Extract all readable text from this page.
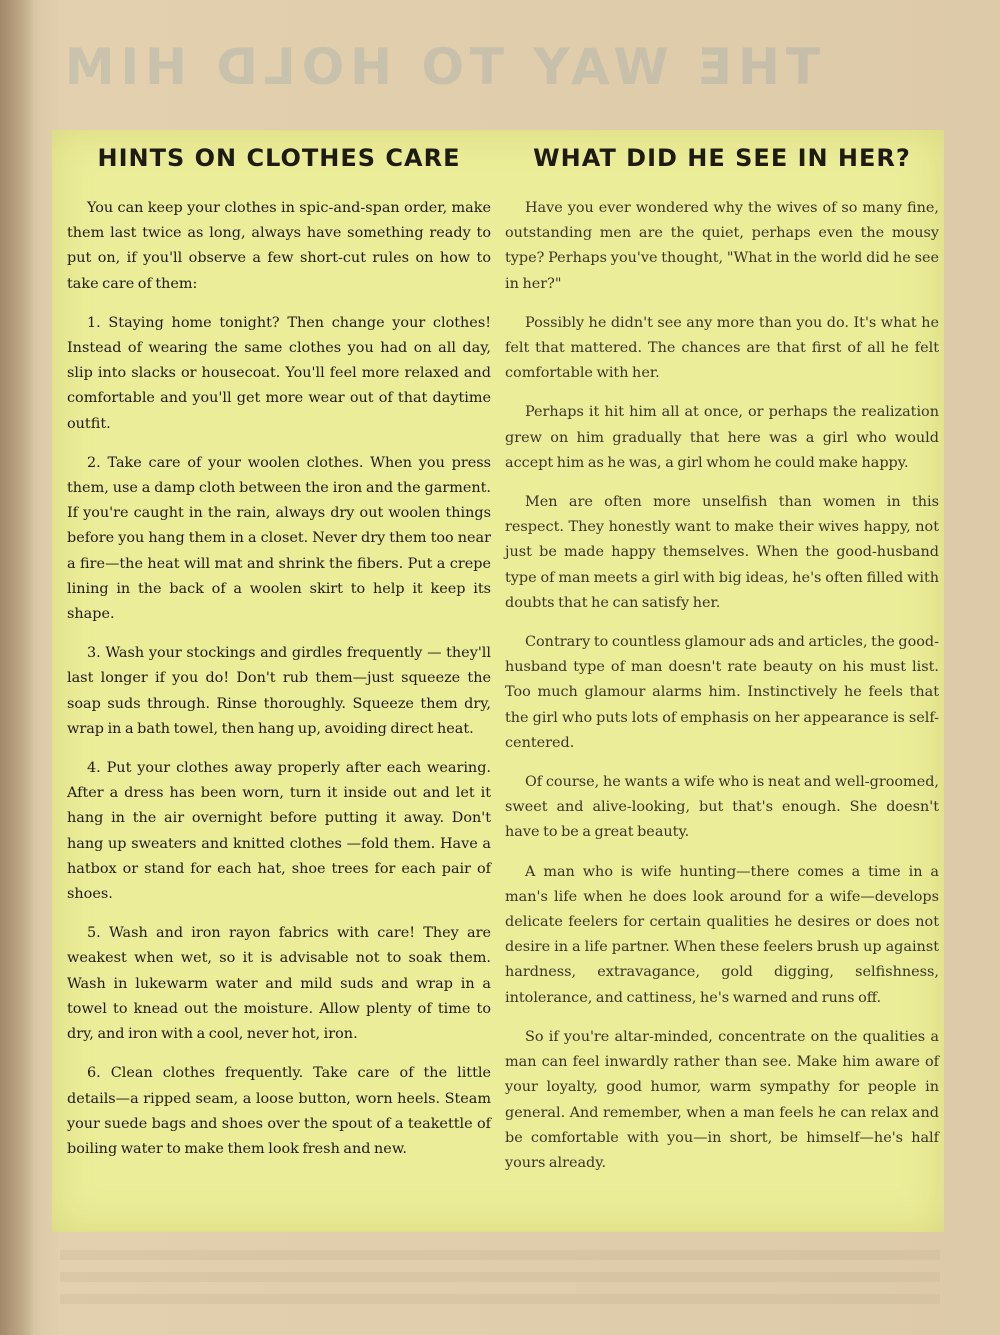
THE WAY TO HOLD HIM
HINTS ON CLOTHES CARE

You can keep your clothes in spic-and-span order, make them last twice as long, always have something ready to put on, if you'll observe a few short-cut rules on how to take care of them:

1. Staying home tonight? Then change your clothes! Instead of wearing the same clothes you had on all day, slip into slacks or housecoat. You'll feel more relaxed and comfortable and you'll get more wear out of that daytime outfit.

2. Take care of your woolen clothes. When you press them, use a damp cloth between the iron and the garment. If you're caught in the rain, always dry out woolen things before you hang them in a closet. Never dry them too near a fire—the heat will mat and shrink the fibers. Put a crepe lining in the back of a woolen skirt to help it keep its shape.

3. Wash your stockings and girdles frequently — they'll last longer if you do! Don't rub them—just squeeze the soap suds through. Rinse thoroughly. Squeeze them dry, wrap in a bath towel, then hang up, avoiding direct heat.

4. Put your clothes away properly after each wearing. After a dress has been worn, turn it inside out and let it hang in the air overnight before putting it away. Don't hang up sweaters and knitted clothes —fold them. Have a hatbox or stand for each hat, shoe trees for each pair of shoes.

5. Wash and iron rayon fabrics with care! They are weakest when wet, so it is advisable not to soak them. Wash in lukewarm water and mild suds and wrap in a towel to knead out the moisture. Allow plenty of time to dry, and iron with a cool, never hot, iron.

6. Clean clothes frequently. Take care of the little details—a ripped seam, a loose button, worn heels. Steam your suede bags and shoes over the spout of a teakettle of boiling water to make them look fresh and new.

WHAT DID HE SEE IN HER?

Have you ever wondered why the wives of so many fine, outstanding men are the quiet, perhaps even the mousy type? Perhaps you've thought, "What in the world did he see in her?"

Possibly he didn't see any more than you do. It's what he felt that mattered. The chances are that first of all he felt comfortable with her.

Perhaps it hit him all at once, or perhaps the realization grew on him gradually that here was a girl who would accept him as he was, a girl whom he could make happy.

Men are often more unselfish than women in this respect. They honestly want to make their wives happy, not just be made happy themselves. When the good-husband type of man meets a girl with big ideas, he's often filled with doubts that he can satisfy her.

Contrary to countless glamour ads and articles, the good-husband type of man doesn't rate beauty on his must list. Too much glamour alarms him. Instinctively he feels that the girl who puts lots of emphasis on her appearance is self-centered.

Of course, he wants a wife who is neat and well-groomed, sweet and alive-looking, but that's enough. She doesn't have to be a great beauty.

A man who is wife hunting—there comes a time in a man's life when he does look around for a wife—develops delicate feelers for certain qualities he desires or does not desire in a life partner. When these feelers brush up against hardness, extravagance, gold digging, selfishness, intolerance, and cattiness, he's warned and runs off.

So if you're altar-minded, concentrate on the qualities a man can feel inwardly rather than see. Make him aware of your loyalty, good humor, warm sympathy for people in general. And remember, when a man feels he can relax and be comfortable with you—in short, be himself—he's half yours already.
